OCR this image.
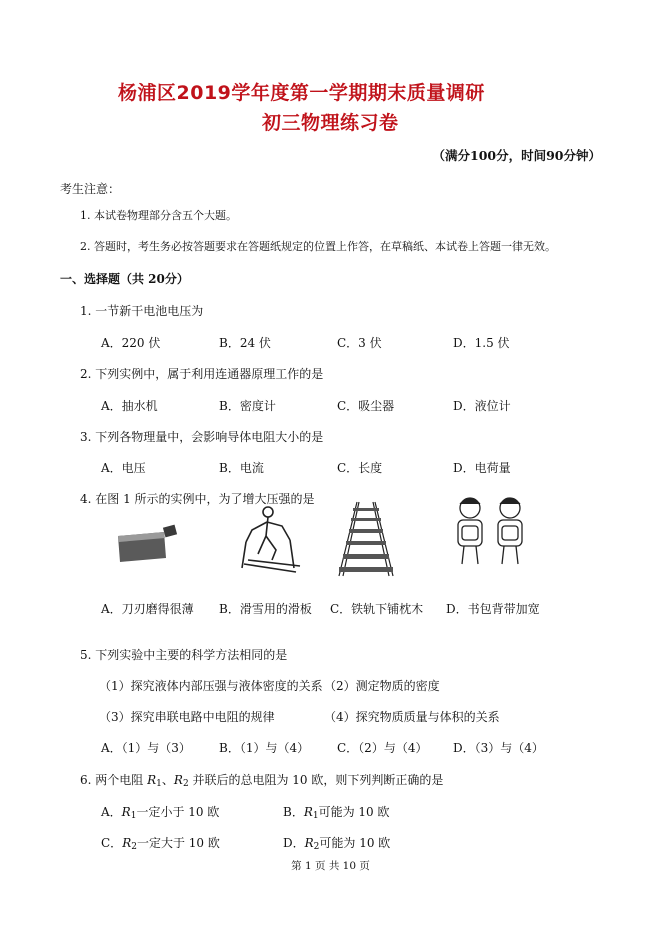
杨浦区2019学年度第一学期期末质量调研
初三物理练习卷
（满分100分，时间90分钟）
考生注意：
1. 本试卷物理部分含五个大题。
2. 答题时，考生务必按答题要求在答题纸规定的位置上作答，在草稿纸、本试卷上答题一律无效。
一、选择题（共 20分）
1. 一节新干电池电压为
A．220 伏	B．24 伏	C．3 伏	D．1.5 伏
2. 下列实例中，属于利用连通器原理工作的是
A．抽水机	B．密度计	C．吸尘器	D．液位计
3. 下列各物理量中，会影响导体电阻大小的是
A．电压	B．电流	C．长度	D．电荷量
4. 在图 1 所示的实例中，为了增大压强的是
A．刀刃磨得很薄 B．滑雪用的滑板 C．铁轨下铺枕木 D．书包背带加宽
5. 下列实验中主要的科学方法相同的是
（1）探究液体内部压强与液体密度的关系 （2）测定物质的密度
（3）探究串联电路中电阻的规律	（4）探究物质质量与体积的关系
A．（1）与（3） B．（1）与（4） C．（2）与（4） D．（3）与（4）
6. 两个电阻 $R_1$、$R_2$ 并联后的总电阻为 10 欧，则下列判断正确的是
A．$R_1$一定小于 10 欧	B．$R_1$可能为 10 欧
C．$R_2$一定大于 10 欧	D．$R_2$可能为 10 欧
第 1 页 共 10 页
